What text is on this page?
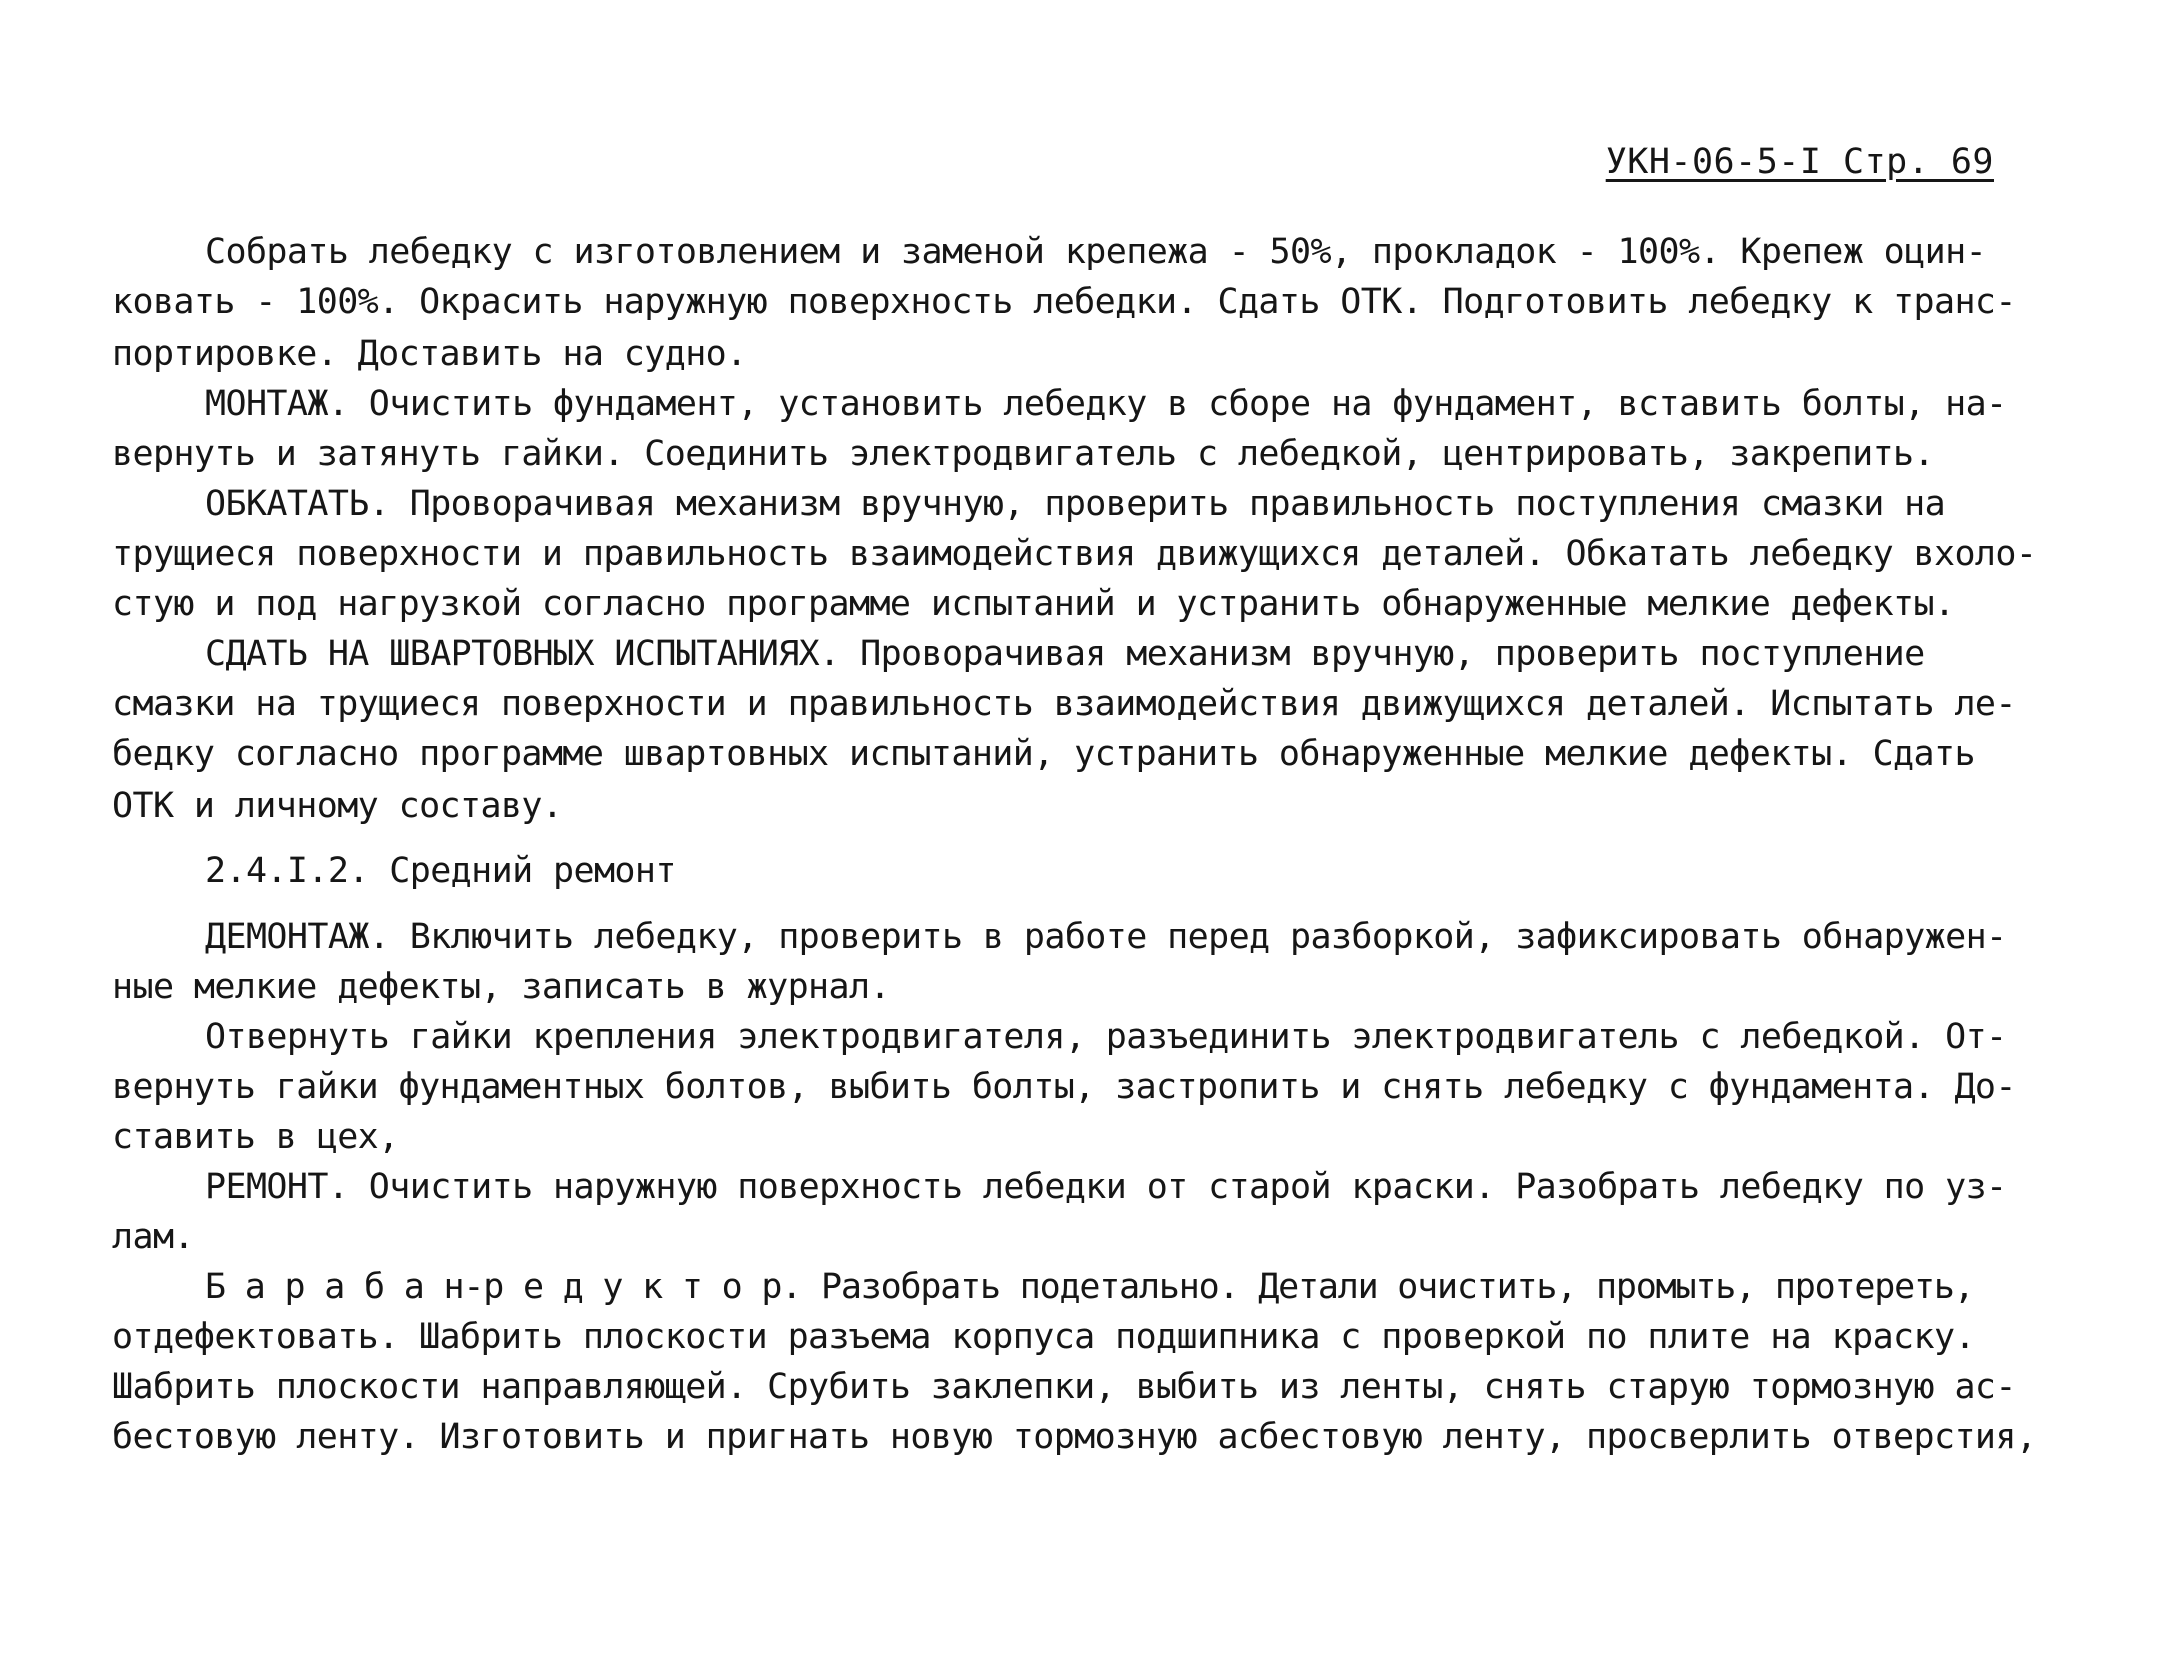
УКН-06-5-I Стр. 69
Собрать лебедку с изготовлением и заменой крепежа - 50%, прокладок - 100%. Крепеж оцин-
ковать - 100%. Окрасить наружную поверхность лебедки. Сдать ОТК. Подготовить лебедку к транс-
портировке. Доставить на судно.
МОНТАЖ. Очистить фундамент, установить лебедку в сборе на фундамент, вставить болты, на-
вернуть и затянуть гайки. Соединить электродвигатель с лебедкой, центрировать, закрепить.
ОБКАТАТЬ. Проворачивая механизм вручную, проверить правильность поступления смазки на
трущиеся поверхности и правильность взаимодействия движущихся деталей. Обкатать лебедку вхоло-
стую и под нагрузкой согласно программе испытаний и устранить обнаруженные мелкие дефекты.
СДАТЬ НА ШВАРТОВНЫХ ИСПЫТАНИЯХ. Проворачивая механизм вручную, проверить поступление
смазки на трущиеся поверхности и правильность взаимодействия движущихся деталей. Испытать ле-
бедку согласно программе швартовных испытаний, устранить обнаруженные мелкие дефекты. Сдать
ОТК и личному составу.
2.4.I.2. Средний ремонт
ДЕМОНТАЖ. Включить лебедку, проверить в работе перед разборкой, зафиксировать обнаружен-
ные мелкие дефекты, записать в журнал.
Отвернуть гайки крепления электродвигателя, разъединить электродвигатель с лебедкой. От-
вернуть гайки фундаментных болтов, выбить болты, застропить и снять лебедку с фундамента. До-
ставить в цех,
РЕМОНТ. Очистить наружную поверхность лебедки от старой краски. Разобрать лебедку по уз-
лам.
Б а р а б а н-р е д у к т о р. Разобрать подетально. Детали очистить, промыть, протереть,
отдефектовать. Шабрить плоскости разъема корпуса подшипника с проверкой по плите на краску.
Шабрить плоскости направляющей. Срубить заклепки, выбить из ленты, снять старую тормозную ас-
бестовую ленту. Изготовить и пригнать новую тормозную асбестовую ленту, просверлить отверстия,
